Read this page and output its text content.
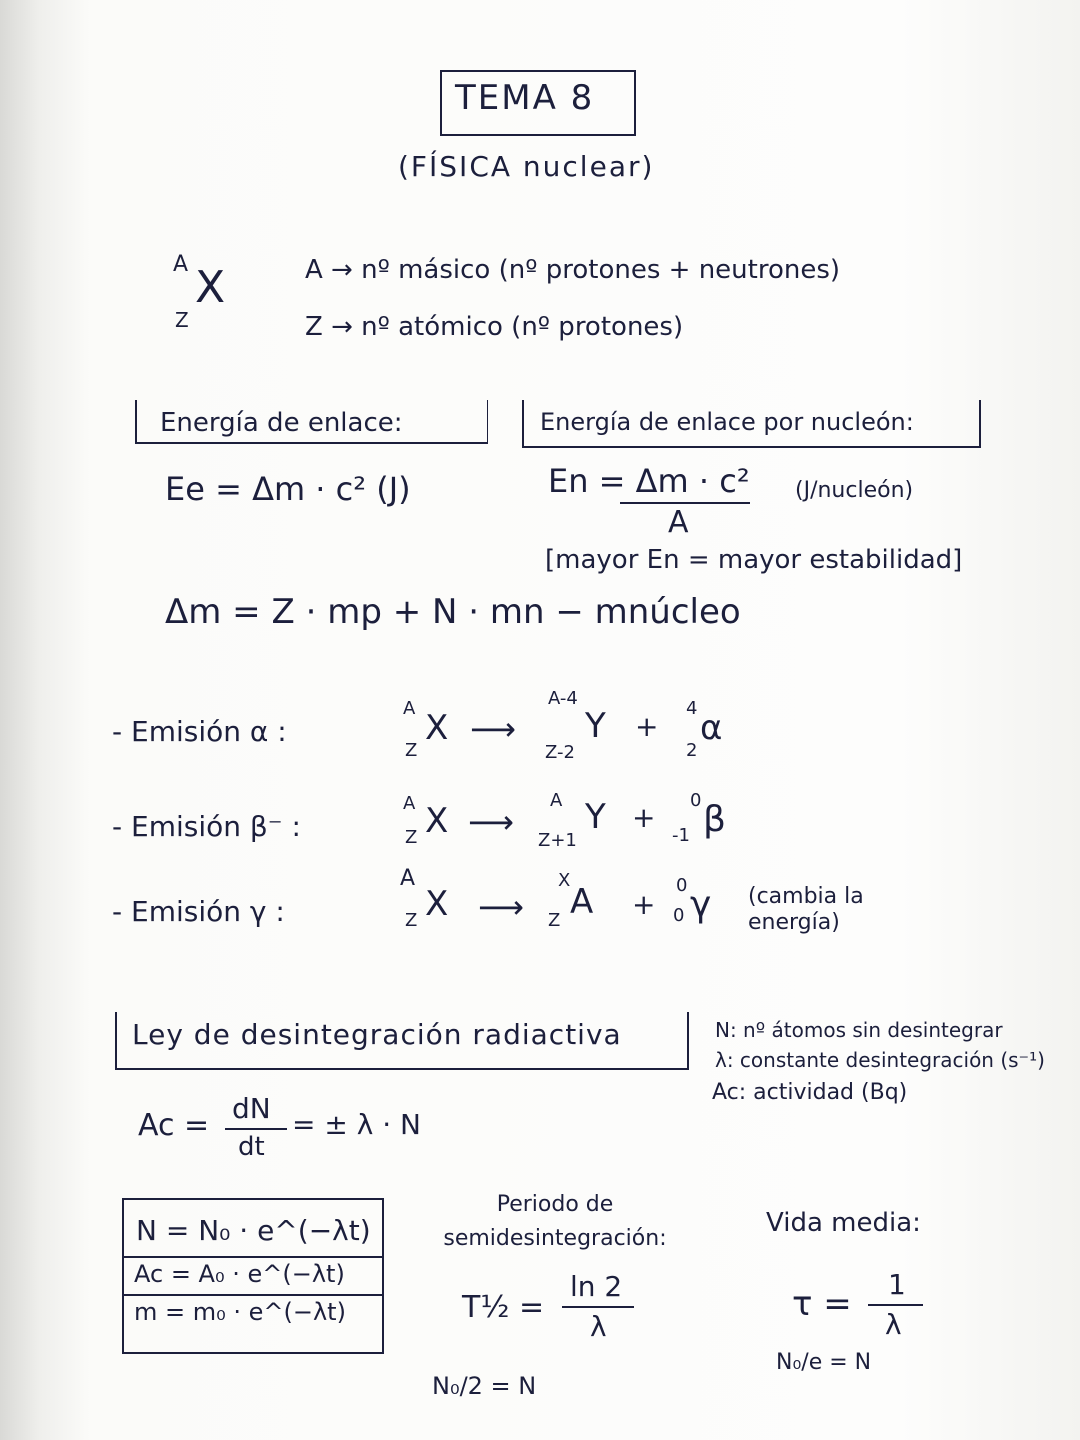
TEMA 8
(FÍSICA nuclear)
A X
Z
A → nº másico (nº protones + neutrones)
Z → nº atómico (nº protones)
Energía de enlace:
Ee = Δm · c² (J)
Energía de enlace por nucleón:
En = Δm · c²
A
(J/nucleón)
[mayor En = mayor estabilidad]
Δm = Z · mp + N · mn − mnúcleo
- Emisión α :
A
Z
X ⟶
A-4
Z-2
Y +
4
2
α
- Emisión β⁻ :
A
Z X ⟶
A
Z+1
Y +
0
-1 β
- Emisión γ :
A
Z X ⟶
X
Z A +
0
0 γ (cambia la energía)
Ley de desintegración radiactiva	N: nº átomos sin desintegrar
λ: constante desintegración (s⁻¹)
Ac: actividad (Bq)
Ac = dN
dt
= ± λ · N
N = N₀ · e^(−λt)
Ac = A₀ · e^(−λt)
m = m₀ · e^(−λt)
Periodo de semidesintegración:
T½ =
ln 2
λ
N₀/2 = N
Vida media:
τ = 1
λ
N₀/e = N
